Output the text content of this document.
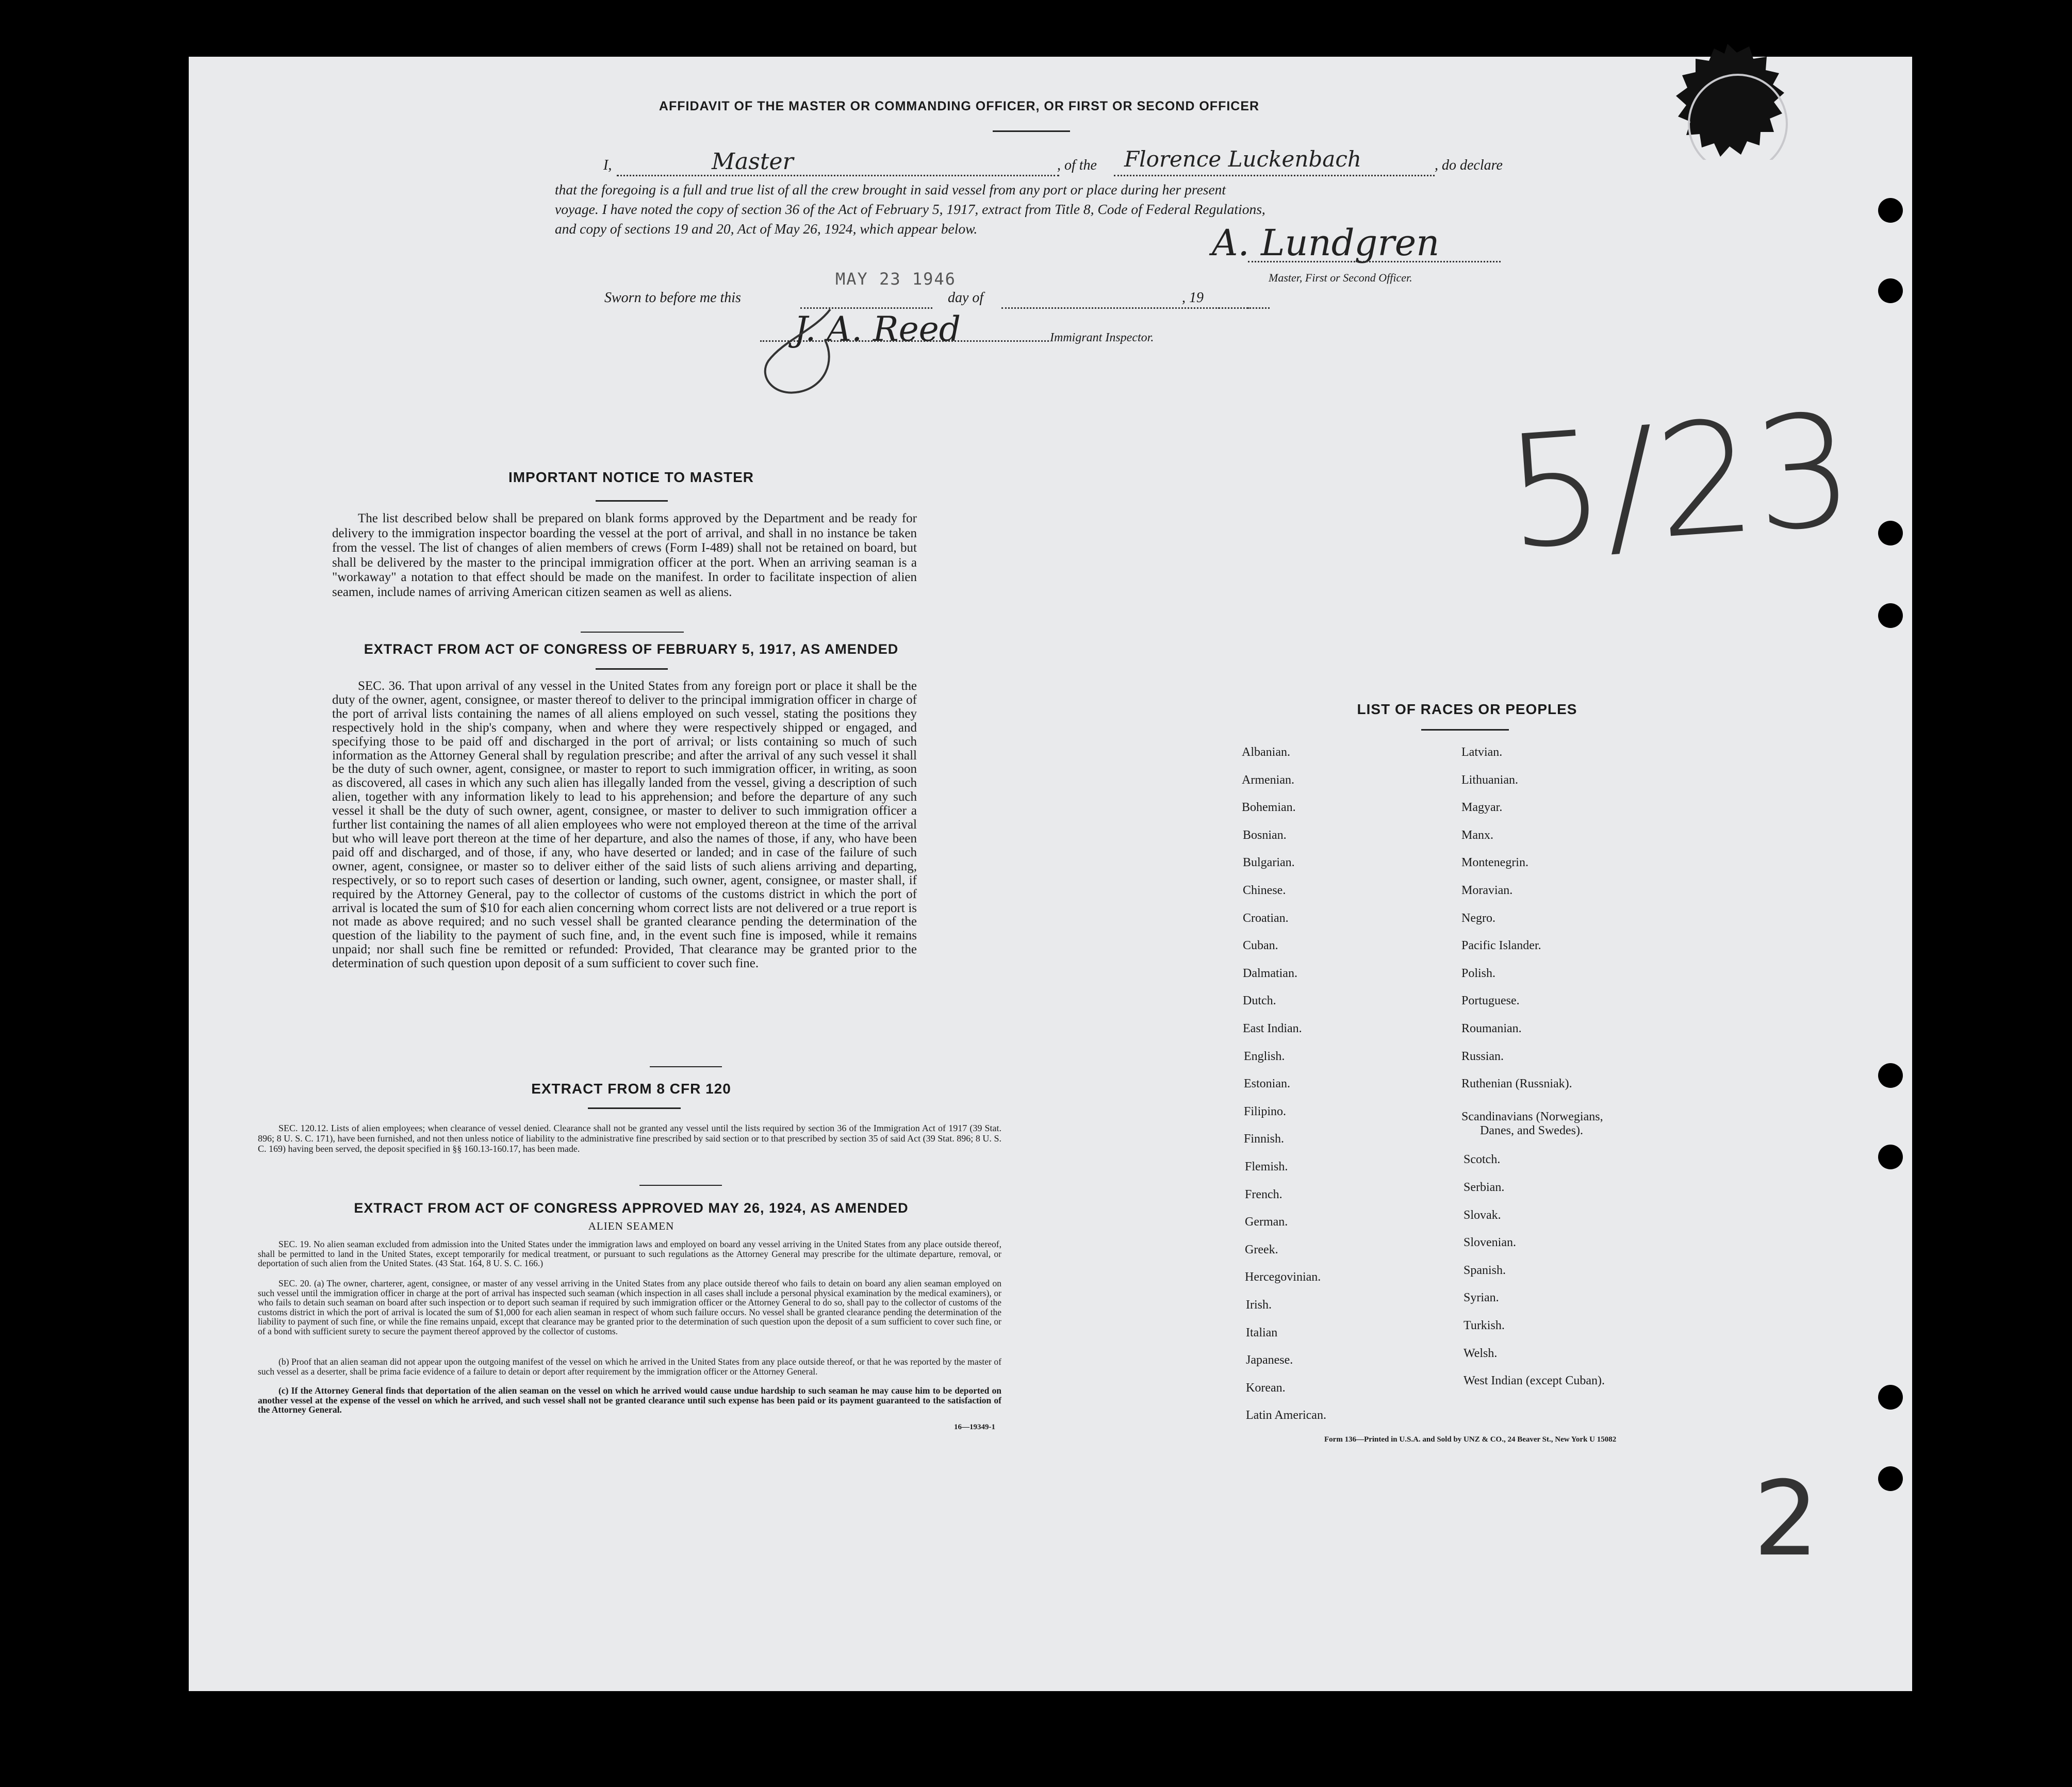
AFFIDAVIT OF THE MASTER OR COMMANDING OFFICER, OR FIRST OR SECOND OFFICER
I,	, of the	, do declare
Master	Florence Luckenbach
that the foregoing is a full and true list of all the crew brought in said vessel from any port or place during her present
voyage. I have noted the copy of section 36 of the Act of February 5, 1917, extract from Title 8, Code of Federal Regulations,
and copy of sections 19 and 20, Act of May 26, 1924, which appear below.	A. Lundgren
Master, First or Second Officer.
Sworn to before me this	day of	, 19
MAY 23 1946
J. A. Reed	Immigrant Inspector.
5/23
2
IMPORTANT NOTICE TO MASTER
The list described below shall be prepared on blank forms approved by the Department and be ready for delivery to the immigration inspector boarding the vessel at the port of arrival, and shall in no instance be taken from the vessel. The list of changes of alien members of crews (Form I-489) shall not be retained on board, but shall be delivered by the master to the principal immigration officer at the port. When an arriving seaman is a "workaway" a notation to that effect should be made on the manifest. In order to facilitate inspection of alien seamen, include names of arriving American citizen seamen as well as aliens.
EXTRACT FROM ACT OF CONGRESS OF FEBRUARY 5, 1917, AS AMENDED
SEC. 36. That upon arrival of any vessel in the United States from any foreign port or place it shall be the duty of the owner, agent, consignee, or master thereof to deliver to the principal immigration officer in charge of the port of arrival lists containing the names of all aliens employed on such vessel, stating the positions they respectively hold in the ship's company, when and where they were respectively shipped or engaged, and specifying those to be paid off and discharged in the port of arrival; or lists containing so much of such information as the Attorney General shall by regulation prescribe; and after the arrival of any such vessel it shall be the duty of such owner, agent, consignee, or master to report to such immigration officer, in writing, as soon as discovered, all cases in which any such alien has illegally landed from the vessel, giving a description of such alien, together with any information likely to lead to his apprehension; and before the departure of any such vessel it shall be the duty of such owner, agent, consignee, or master to deliver to such immigration officer a further list containing the names of all alien employees who were not employed thereon at the time of the arrival but who will leave port thereon at the time of her departure, and also the names of those, if any, who have been paid off and discharged, and of those, if any, who have deserted or landed; and in case of the failure of such owner, agent, consignee, or master so to deliver either of the said lists of such aliens arriving and departing, respectively, or so to report such cases of desertion or landing, such owner, agent, consignee, or master shall, if required by the Attorney General, pay to the collector of customs of the customs district in which the port of arrival is located the sum of $10 for each alien concerning whom correct lists are not delivered or a true report is not made as above required; and no such vessel shall be granted clearance pending the determination of the question of the liability to the payment of such fine, and, in the event such fine is imposed, while it remains unpaid; nor shall such fine be remitted or refunded: Provided, That clearance may be granted prior to the determination of such question upon deposit of a sum sufficient to cover such fine.
EXTRACT FROM 8 CFR 120
SEC. 120.12. Lists of alien employees; when clearance of vessel denied. Clearance shall not be granted any vessel until the lists required by section 36 of the Immigration Act of 1917 (39 Stat. 896; 8 U. S. C. 171), have been furnished, and not then unless notice of liability to the administrative fine prescribed by said section or to that prescribed by section 35 of said Act (39 Stat. 896; 8 U. S. C. 169) having been served, the deposit specified in §§ 160.13-160.17, has been made.
EXTRACT FROM ACT OF CONGRESS APPROVED MAY 26, 1924, AS AMENDED
ALIEN SEAMEN
SEC. 19. No alien seaman excluded from admission into the United States under the immigration laws and employed on board any vessel arriving in the United States from any place outside thereof, shall be permitted to land in the United States, except temporarily for medical treatment, or pursuant to such regulations as the Attorney General may prescribe for the ultimate departure, removal, or deportation of such alien from the United States. (43 Stat. 164, 8 U. S. C. 166.)
SEC. 20. (a) The owner, charterer, agent, consignee, or master of any vessel arriving in the United States from any place outside thereof who fails to detain on board any alien seaman employed on such vessel until the immigration officer in charge at the port of arrival has inspected such seaman (which inspection in all cases shall include a personal physical examination by the medical examiners), or who fails to detain such seaman on board after such inspection or to deport such seaman if required by such immigration officer or the Attorney General to do so, shall pay to the collector of customs of the customs district in which the port of arrival is located the sum of $1,000 for each alien seaman in respect of whom such failure occurs. No vessel shall be granted clearance pending the determination of the liability to payment of such fine, or while the fine remains unpaid, except that clearance may be granted prior to the determination of such question upon the deposit of a sum sufficient to cover such fine, or of a bond with sufficient surety to secure the payment thereof approved by the collector of customs.
(b) Proof that an alien seaman did not appear upon the outgoing manifest of the vessel on which he arrived in the United States from any place outside thereof, or that he was reported by the master of such vessel as a deserter, shall be prima facie evidence of a failure to detain or deport after requirement by the immigration officer or the Attorney General.
(c) If the Attorney General finds that deportation of the alien seaman on the vessel on which he arrived would cause undue hardship to such seaman he may cause him to be deported on another vessel at the expense of the vessel on which he arrived, and such vessel shall not be granted clearance until such expense has been paid or its payment guaranteed to the satisfaction of the Attorney General.
16—19349-1
LIST OF RACES OR PEOPLES
Albanian.
Armenian.
Bohemian.
Bosnian.
Bulgarian.
Chinese.
Croatian.
Cuban.
Dalmatian.
Dutch.
East Indian.
English.
Estonian.
Filipino.
Finnish.
Flemish.
French.
German.
Greek.
Hercegovinian.
Irish.
Italian
Japanese.
Korean.
Latin American.
Latvian.
Lithuanian.
Magyar.
Manx.
Montenegrin.
Moravian.
Negro.
Pacific Islander.
Polish.
Portuguese.
Roumanian.
Russian.
Ruthenian (Russniak).
Scandinavians (Norwegians,
Scotch.
Serbian.
Slovak.
Slovenian.
Spanish.
Syrian.
Turkish.
Welsh.
West Indian (except Cuban).
Danes, and Swedes).
Form 136—Printed in U.S.A. and Sold by UNZ & CO., 24 Beaver St., New York U 15082
